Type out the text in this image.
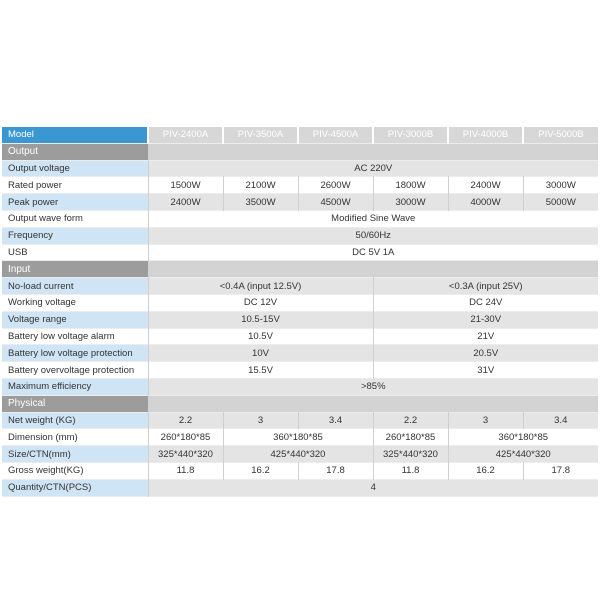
Model	PIV-2400A	PIV-3500A	PIV-4500A	PIV-3000B	PIV-4000B	PIV-5000B
Output						
Output voltage	AC 220V					
Rated power	1500W	2100W	2600W	1800W	2400W	3000W
Peak power	2400W	3500W	4500W	3000W	4000W	5000W
Output wave form	Modified Sine Wave					
Frequency	50/60Hz					
USB	DC 5V 1A					
Input						
No-load current	<0.4A (input 12.5V)			<0.3A (input 25V)		
Working voltage	DC 12V			DC 24V		
Voltage range	10.5-15V			21-30V		
Battery low voltage alarm	10.5V			21V		
Battery low voltage protection	10V			20.5V		
Battery overvoltage protection	15.5V			31V		
Maximum efficiency	>85%					
Physical						
Net weight (KG)	2.2	3	3.4	2.2	3	3.4
Dimension (mm)	260*180*85	360*180*85		260*180*85	360*180*85	
Size/CTN(mm)	325*440*320	425*440*320		325*440*320	425*440*320	
Gross weight(KG)	11.8	16.2	17.8	11.8	16.2	17.8
Quantity/CTN(PCS)	4					
